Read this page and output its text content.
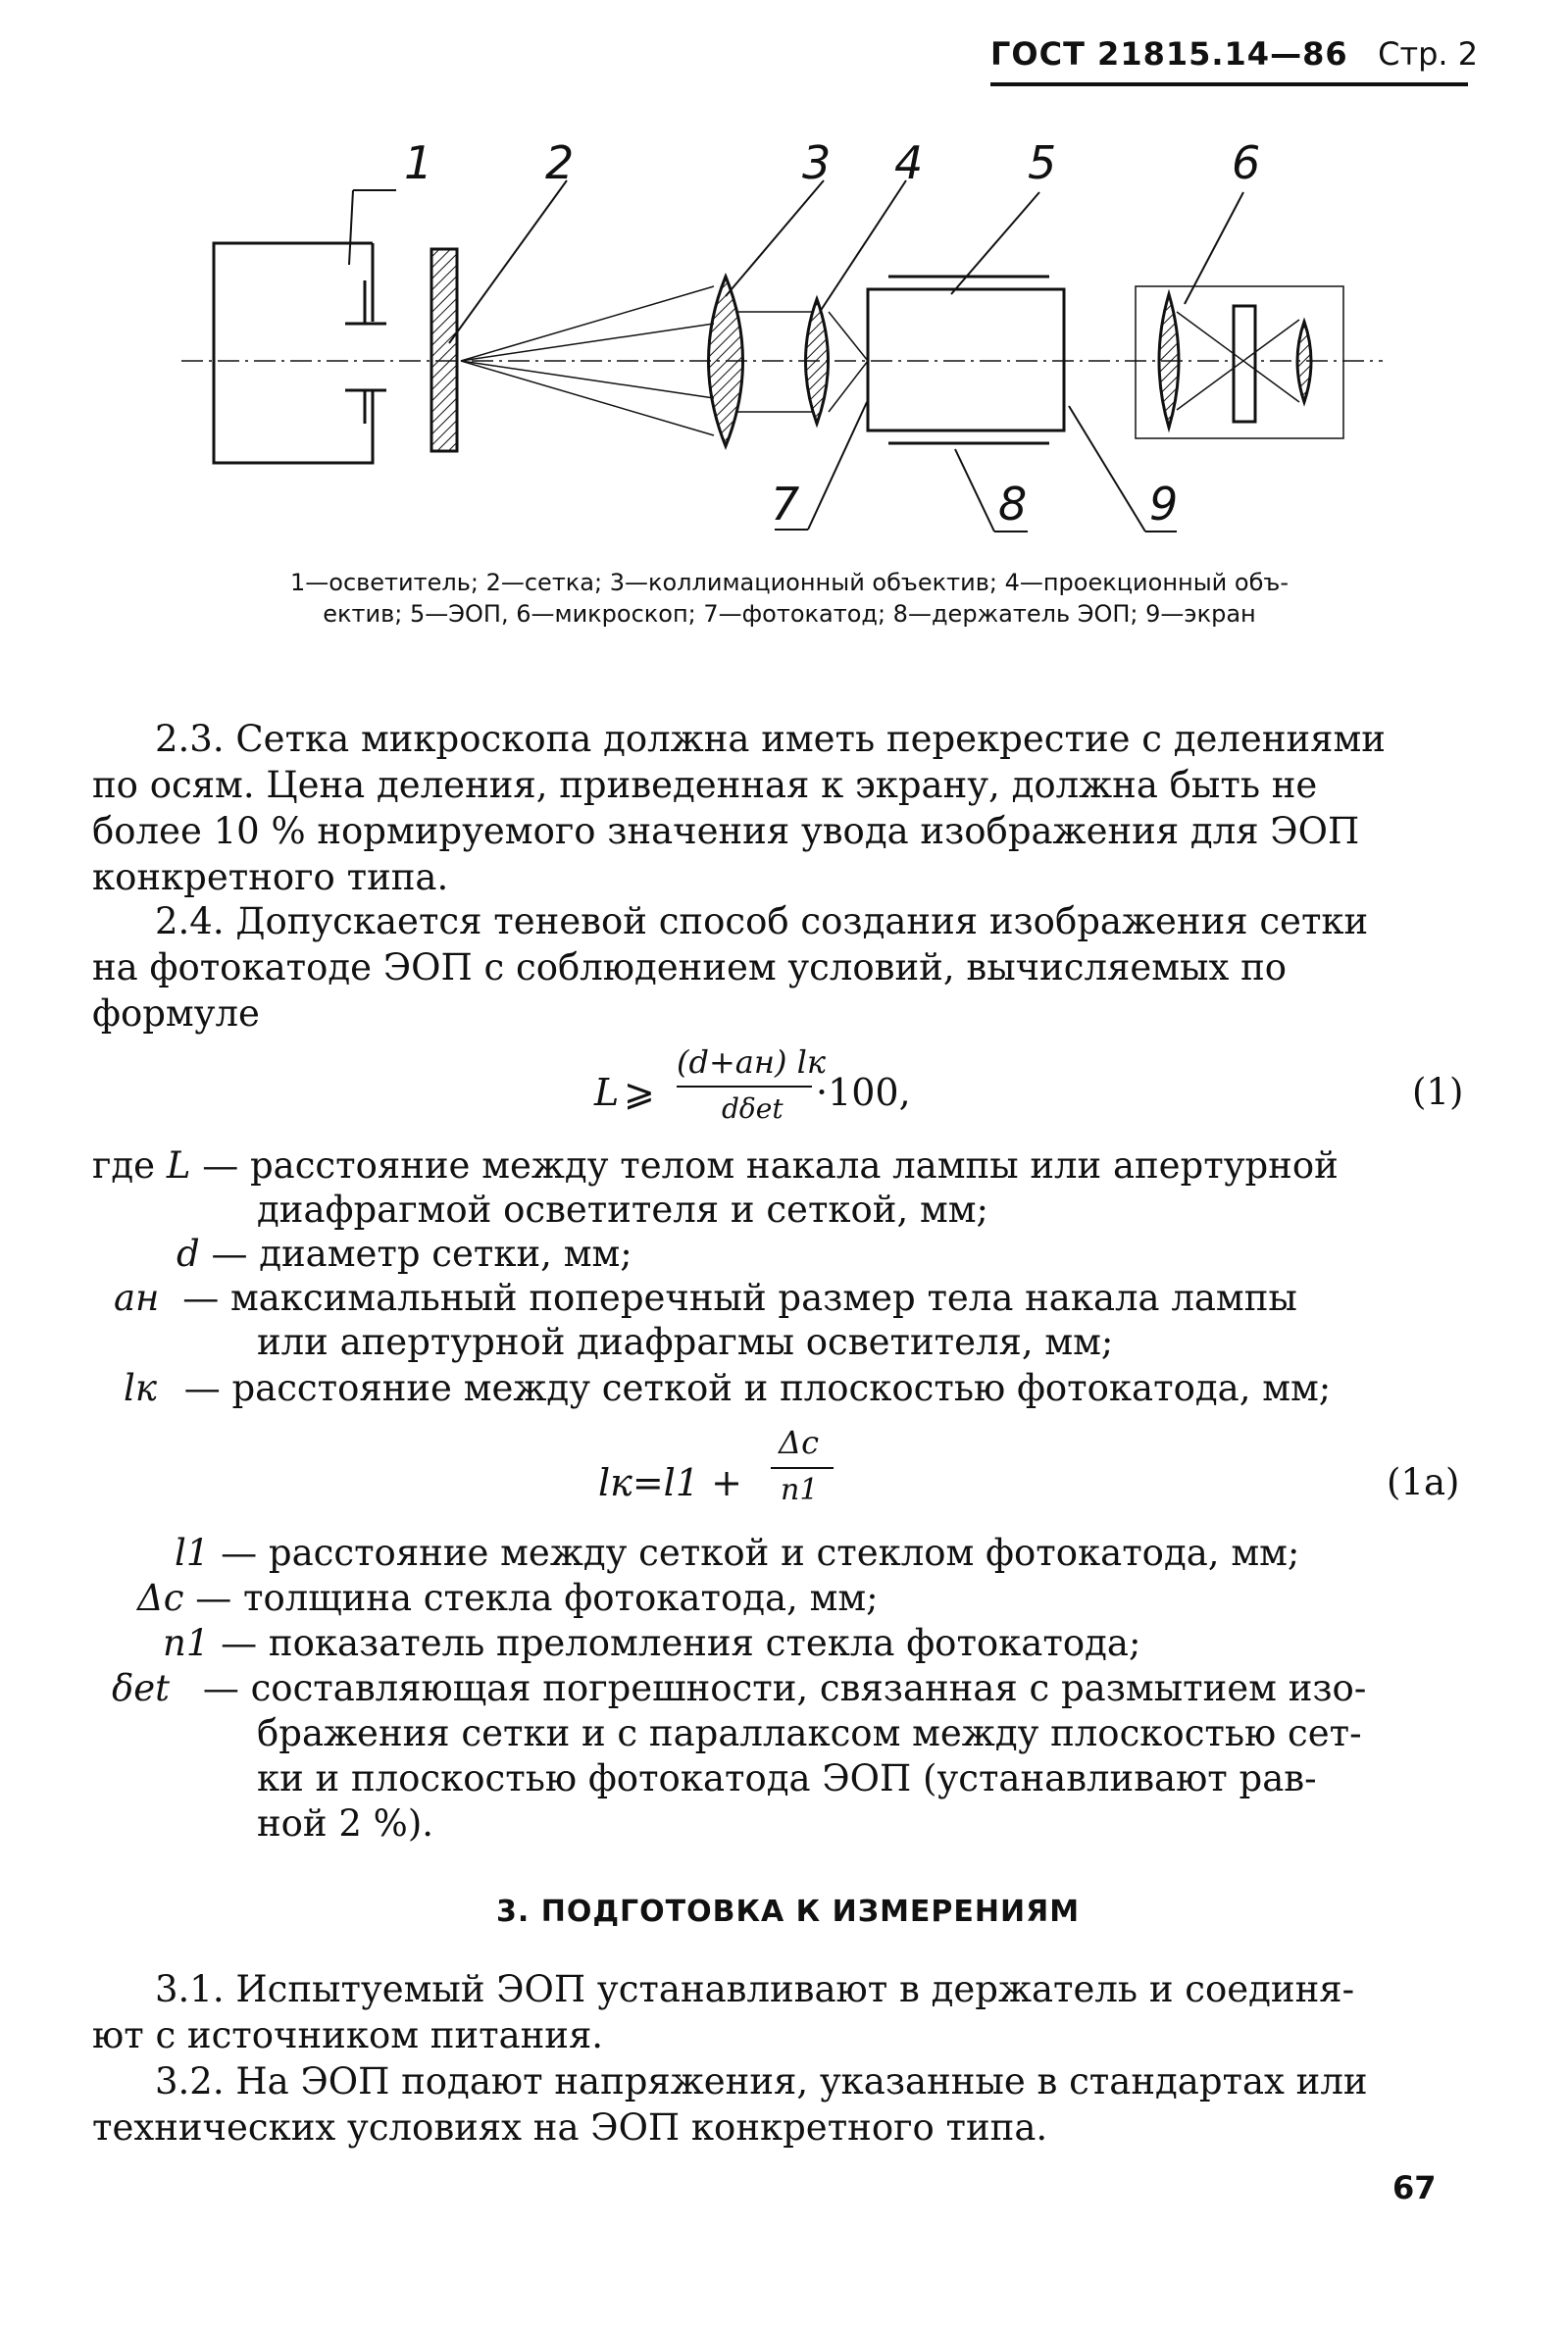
ГОСТ 21815.14—86 Стр. 2
1 2	3 4 5	6
7	8	9
1—осветитель; 2—сетка; 3—коллимационный объектив; 4—проекционный объ-
ектив; 5—ЭОП, 6—микроскоп; 7—фотокатод; 8—держатель ЭОП; 9—экран
2.3. Сетка микроскопа должна иметь перекрестие с делениями
по осям. Цена деления, приведенная к экрану, должна быть не
более 10 % нормируемого значения увода изображения для ЭОП
конкретного типа.
2.4. Допускается теневой способ создания изображения сетки
на фотокатоде ЭОП с соблюдением условий, вычисляемых по
формуле
L ⩾
(d+aн) lк
dδet ·100,	(1)
где L — расстояние между телом накала лампы или апертурной
диафрагмой осветителя и сеткой, мм;
d — диаметр сетки, мм;
aн — максимальный поперечный размер тела накала лампы
или апертурной диафрагмы осветителя, мм;
lк — расстояние между сеткой и плоскостью фотокатода, мм;
lк=l1 +
Δc
n1	(1а)
l1 — расстояние между сеткой и стеклом фотокатода, мм;
Δc — толщина стекла фотокатода, мм;
n1 — показатель преломления стекла фотокатода;
δet — составляющая погрешности, связанная с размытием изо-
бражения сетки и с параллаксом между плоскостью сет-
ки и плоскостью фотокатода ЭОП (устанавливают рав-
ной 2 %).
3. ПОДГОТОВКА К ИЗМЕРЕНИЯМ
3.1. Испытуемый ЭОП устанавливают в держатель и соединя-
ют с источником питания.
3.2. На ЭОП подают напряжения, указанные в стандартах или
технических условиях на ЭОП конкретного типа.
67
